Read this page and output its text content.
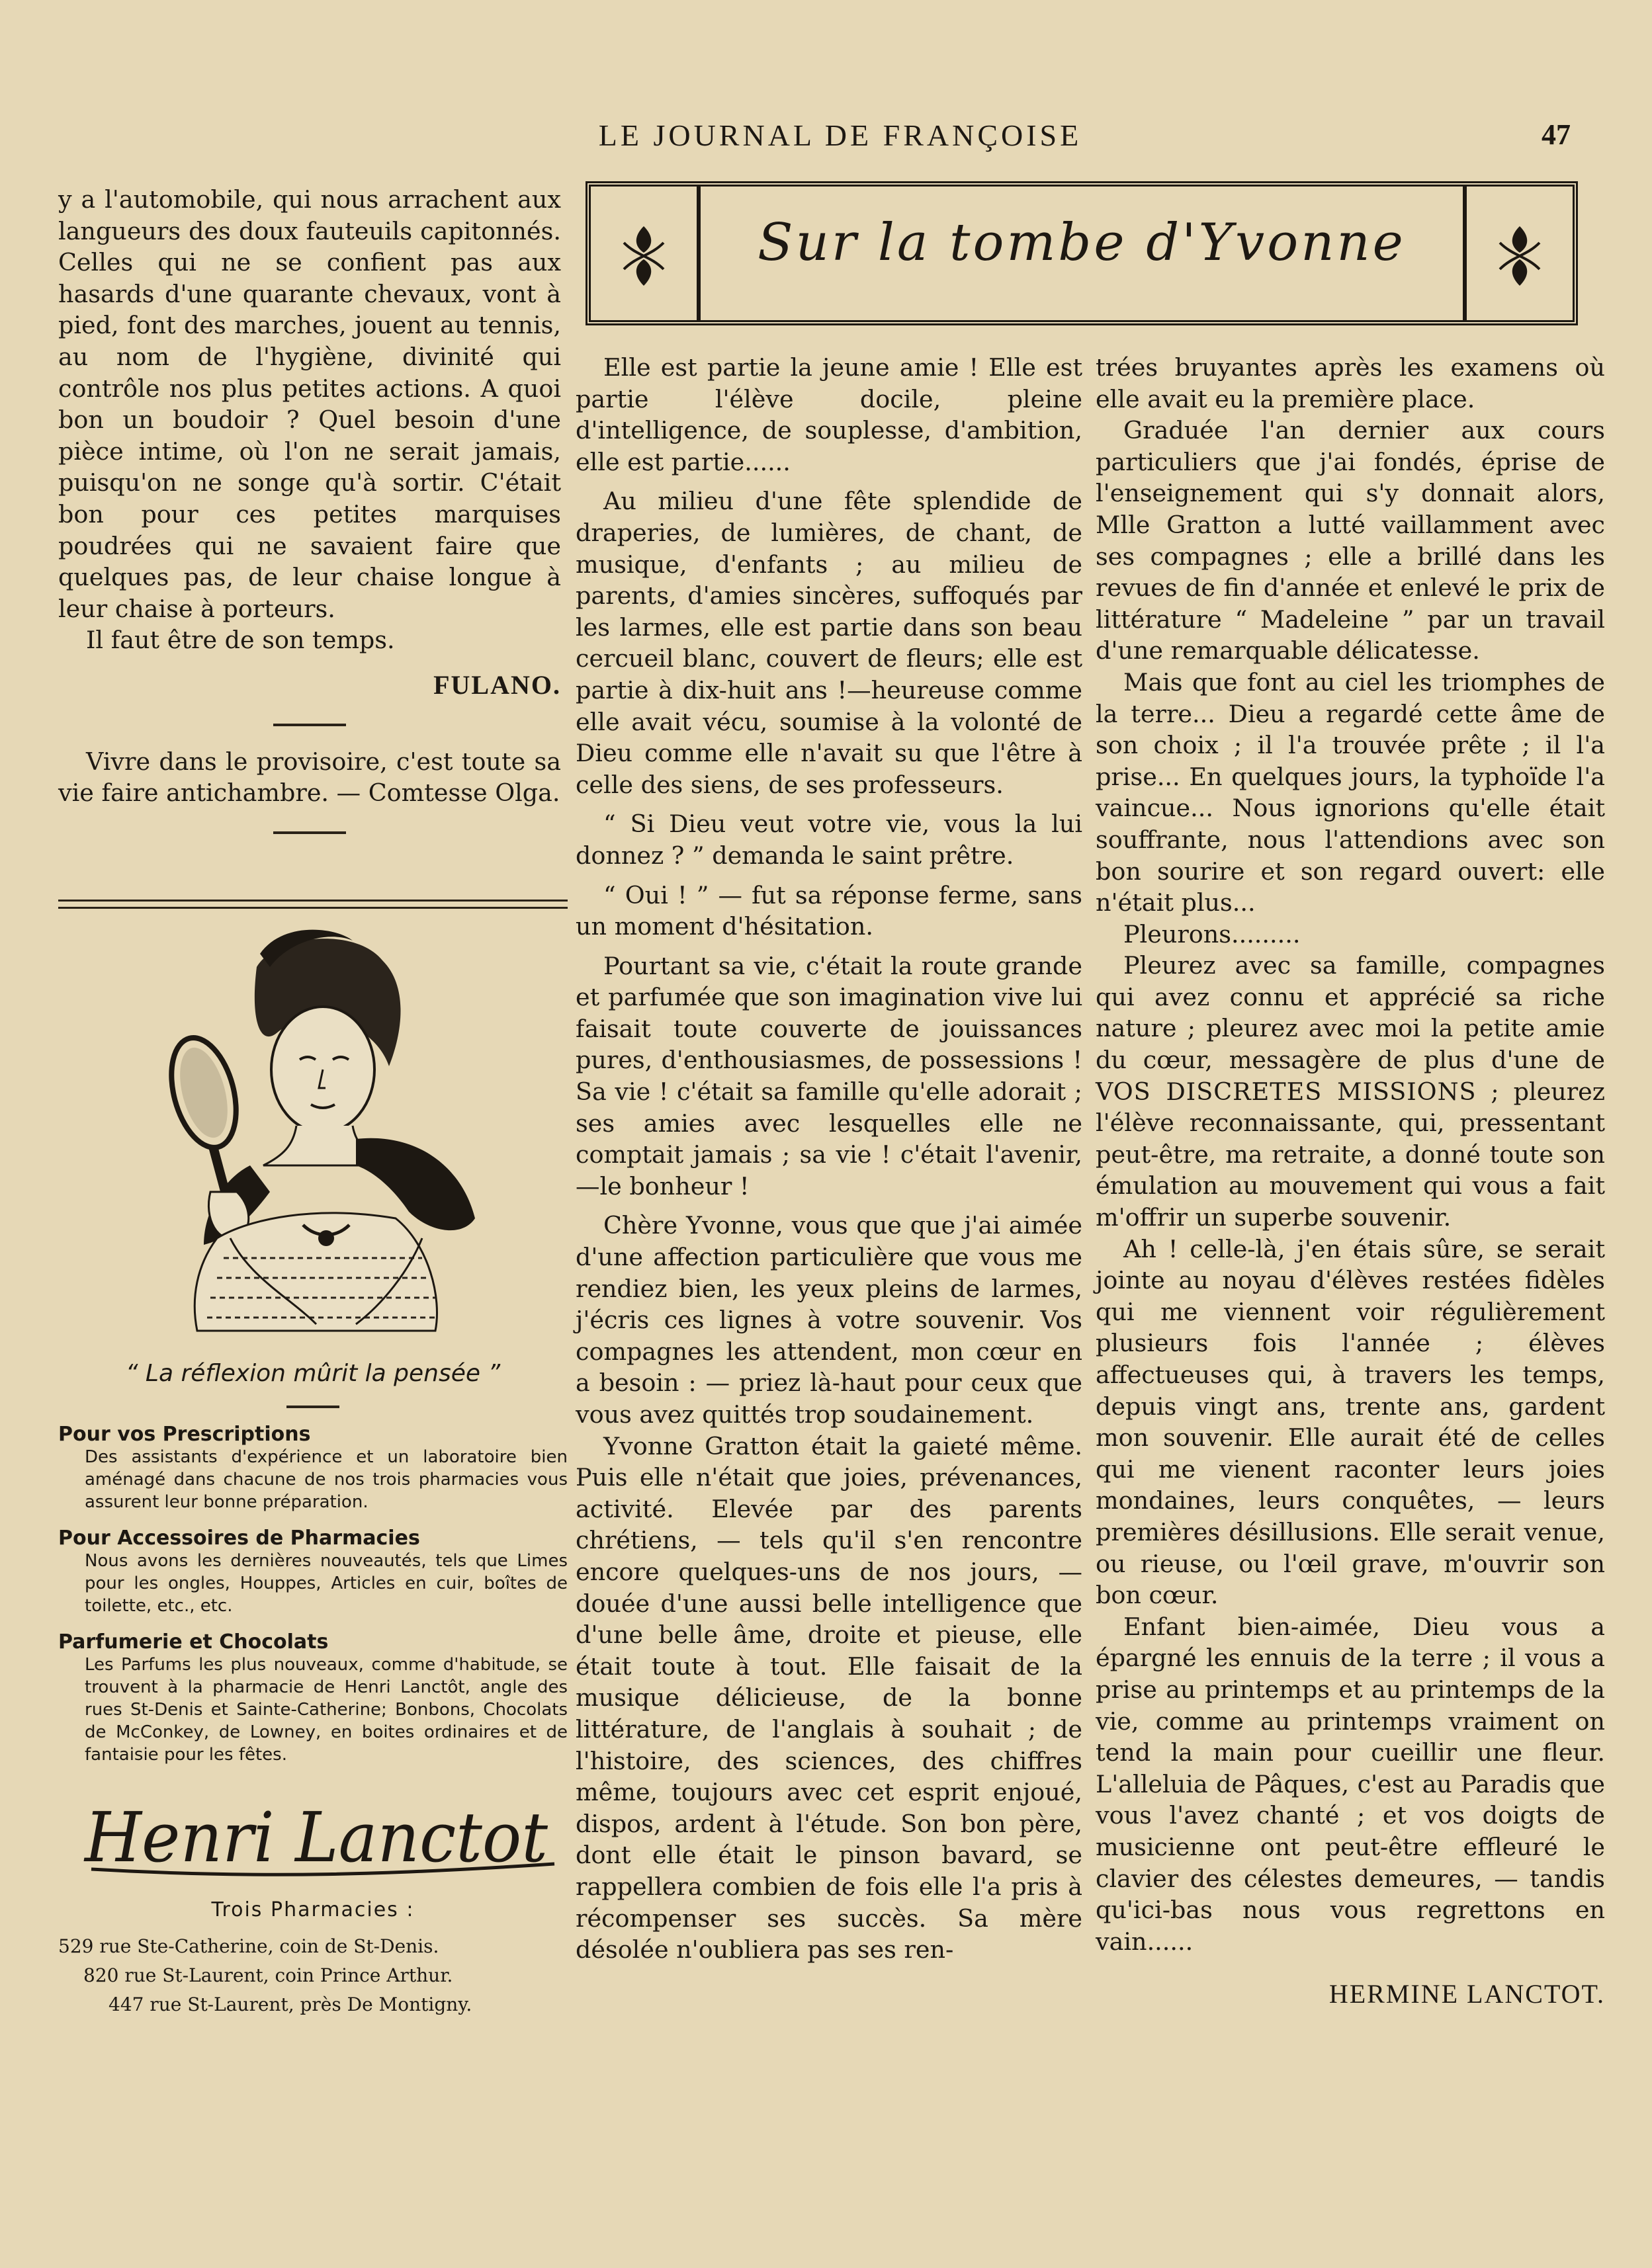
LE JOURNAL DE FRANÇOISE	47

y a l'automobile, qui nous arrachent aux langueurs des doux fauteuils capitonnés. Celles qui ne se confient pas aux hasards d'une quarante chevaux, vont à pied, font des marches, jouent au tennis, au nom de l'hygiène, divinité qui contrôle nos plus petites actions. A quoi bon un boudoir ? Quel besoin d'une pièce intime, où l'on ne serait jamais, puisqu'on ne songe qu'à sortir. C'était bon pour ces petites marquises poudrées qui ne savaient faire que quelques pas, de leur chaise longue à leur chaise à porteurs.

Il faut être de son temps.

FULANO.

Vivre dans le provisoire, c'est toute sa vie faire antichambre. — Comtesse Olga.

Sur la tombe d'Yvonne

Elle est partie la jeune amie ! Elle est partie l'élève docile, pleine d'intelligence, de souplesse, d'ambition, elle est partie......

Au milieu d'une fête splendide de draperies, de lumières, de chant, de musique, d'enfants ; au milieu de parents, d'amies sincères, suffoqués par les larmes, elle est partie dans son beau cercueil blanc, couvert de fleurs; elle est partie à dix-huit ans !—heureuse comme elle avait vécu, soumise à la volonté de Dieu comme elle n'avait su que l'être à celle des siens, de ses professeurs.

“ Si Dieu veut votre vie, vous la lui donnez ? ” demanda le saint prêtre.

“ Oui ! ” — fut sa réponse ferme, sans un moment d'hésitation.

Pourtant sa vie, c'était la route grande et parfumée que son imagination vive lui faisait toute couverte de jouissances pures, d'enthousiasmes, de possessions ! Sa vie ! c'était sa famille qu'elle adorait ; ses amies avec lesquelles elle ne comptait jamais ; sa vie ! c'était l'avenir,—le bonheur !

Chère Yvonne, vous que que j'ai aimée d'une affection particulière que vous me rendiez bien, les yeux pleins de larmes, j'écris ces lignes à votre souvenir. Vos compagnes les attendent, mon cœur en a besoin : — priez là-haut pour ceux que vous avez quittés trop soudainement.

Yvonne Gratton était la gaieté même. Puis elle n'était que joies, prévenances, activité. Elevée par des parents chrétiens, — tels qu'il s'en rencontre encore quelques-uns de nos jours, — douée d'une aussi belle intelligence que d'une belle âme, droite et pieuse, elle était toute à tout. Elle faisait de la musique délicieuse, de la bonne littérature, de l'anglais à souhait ; de l'histoire, des sciences, des chiffres même, toujours avec cet esprit enjoué, dispos, ardent à l'étude. Son bon père, dont elle était le pinson bavard, se rappellera combien de fois elle l'a pris à récompenser ses succès. Sa mère désolée n'oubliera pas ses ren-

trées bruyantes après les examens où elle avait eu la première place.

Graduée l'an dernier aux cours particuliers que j'ai fondés, éprise de l'enseignement qui s'y donnait alors, Mlle Gratton a lutté vaillamment avec ses compagnes ; elle a brillé dans les revues de fin d'année et enlevé le prix de littérature “ Madeleine ” par un travail d'une remarquable délicatesse.

Mais que font au ciel les triomphes de la terre... Dieu a regardé cette âme de son choix ; il l'a trouvée prête ; il l'a prise... En quelques jours, la typhoïde l'a vaincue... Nous ignorions qu'elle était souffrante, nous l'attendions avec son bon sourire et son regard ouvert: elle n'était plus...

Pleurons.........

Pleurez avec sa famille, compagnes qui avez connu et apprécié sa riche nature ; pleurez avec moi la petite amie du cœur, messagère de plus d'une de VOS DISCRETES MISSIONS ; pleurez l'élève reconnaissante, qui, pressentant peut-être, ma retraite, a donné toute son émulation au mouvement qui vous a fait m'offrir un superbe souvenir.

Ah ! celle-là, j'en étais sûre, se serait jointe au noyau d'élèves restées fidèles qui me viennent voir régulièrement plusieurs fois l'année ; élèves affectueuses qui, à travers les temps, depuis vingt ans, trente ans, gardent mon souvenir. Elle aurait été de celles qui me vienent raconter leurs joies mondaines, leurs conquêtes, — leurs premières désillusions. Elle serait venue, ou rieuse, ou l'œil grave, m'ouvrir son bon cœur.

Enfant bien-aimée, Dieu vous a épargné les ennuis de la terre ; il vous a prise au printemps et au printemps de la vie, comme au printemps vraiment on tend la main pour cueillir une fleur. L'alleluia de Pâques, c'est au Paradis que vous l'avez chanté ; et vos doigts de musicienne ont peut-être effleuré le clavier des célestes demeures, — tandis qu'ici-bas nous vous regrettons en vain......

HERMINE LANCTOT.
“ La réflexion mûrit la pensée ”
Pour vos Prescriptions
Des assistants d'expérience et un laboratoire bien aménagé dans chacune de nos trois pharmacies vous assurent leur bonne préparation.
Pour Accessoires de Pharmacies
Nous avons les dernières nouveautés, tels que Limes pour les ongles, Houppes, Articles en cuir, boîtes de toilette, etc., etc.
Parfumerie et Chocolats
Les Parfums les plus nouveaux, comme d'habitude, se trouvent à la pharmacie de Henri Lanctôt, angle des rues St-Denis et Sainte-Catherine; Bonbons, Chocolats de McConkey, de Lowney, en boites ordinaires et de fantaisie pour les fêtes.
Henri Lanctot
Trois Pharmacies :
529 rue Ste-Catherine, coin de St-Denis.
820 rue St-Laurent, coin Prince Arthur.
447 rue St-Laurent, près De Montigny.
